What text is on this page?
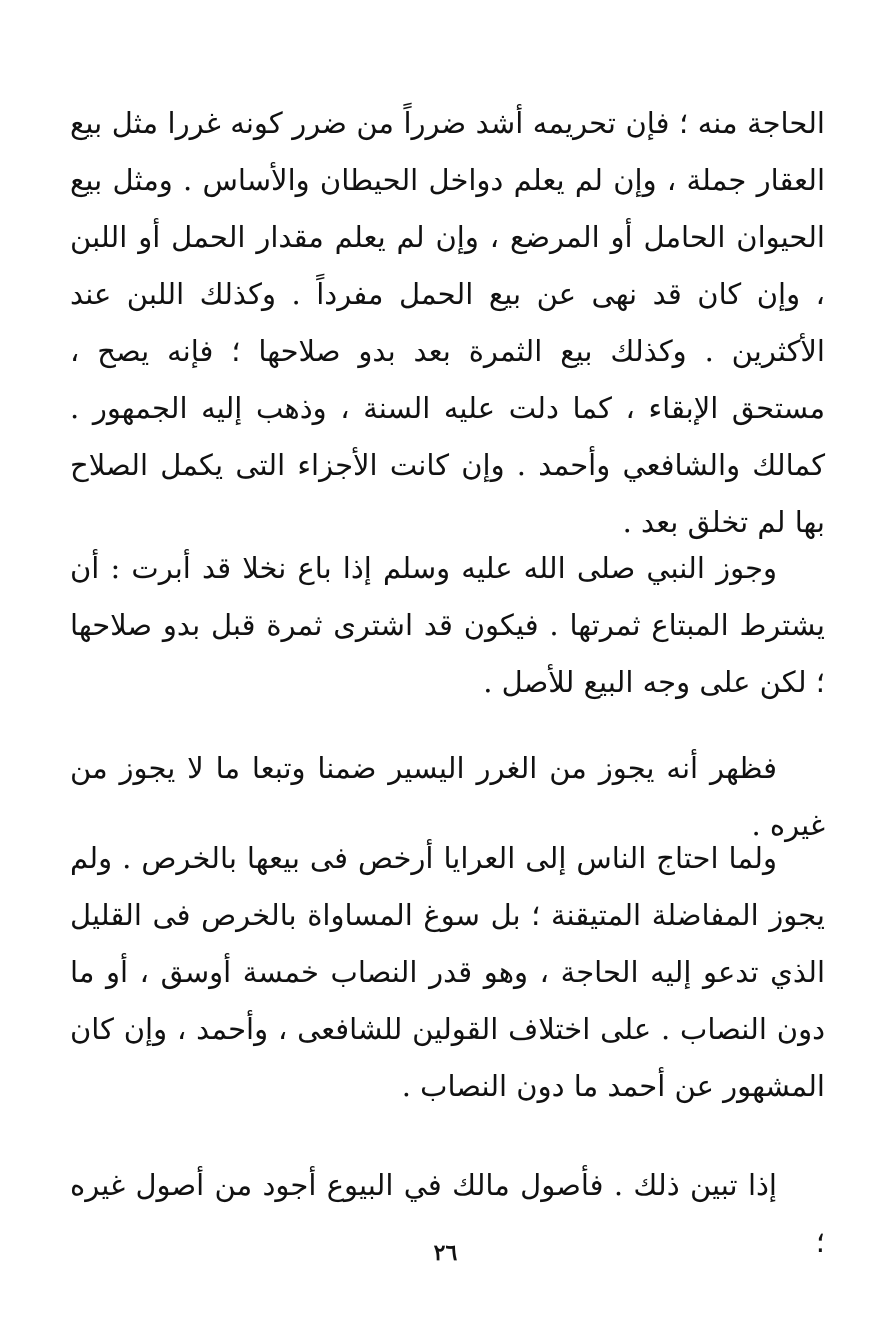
الحاجة منه ؛ فإن تحريمه أشد ضرراً من ضرر كونه غررا مثل بيع العقار جملة ، وإن لم يعلم دواخل الحيطان والأساس . ومثل بيع الحيوان الحامل أو المرضع ، وإن لم يعلم مقدار الحمل أو اللبن ، وإن كان قد نهى عن بيع الحمل مفرداً . وكذلك اللبن عند الأكثرين . وكذلك بيع الثمرة بعد بدو صلاحها ؛ فإنه يصح ، مستحق الإبقاء ، كما دلت عليه السنة ، وذهب إليه الجمهور . كمالك والشافعي وأحمد . وإن كانت الأجزاء التى يكمل الصلاح بها لم تخلق بعد .

وجوز النبي صلى الله عليه وسلم إذا باع نخلا قد أبرت : أن يشترط المبتاع ثمرتها . فيكون قد اشترى ثمرة قبل بدو صلاحها ؛ لكن على وجه البيع للأصل .

فظهر أنه يجوز من الغرر اليسير ضمنا وتبعا ما لا يجوز من غيره .

ولما احتاج الناس إلى العرايا أرخص فى بيعها بالخرص . ولم يجوز المفاضلة المتيقنة ؛ بل سوغ المساواة بالخرص فى القليل الذي تدعو إليه الحاجة ، وهو قدر النصاب خمسة أوسق ، أو ما دون النصاب . على اختلاف القولين للشافعى ، وأحمد ، وإن كان المشهور عن أحمد ما دون النصاب .

إذا تبين ذلك . فأصول مالك في البيوع أجود من أصول غيره ؛

٢٦
